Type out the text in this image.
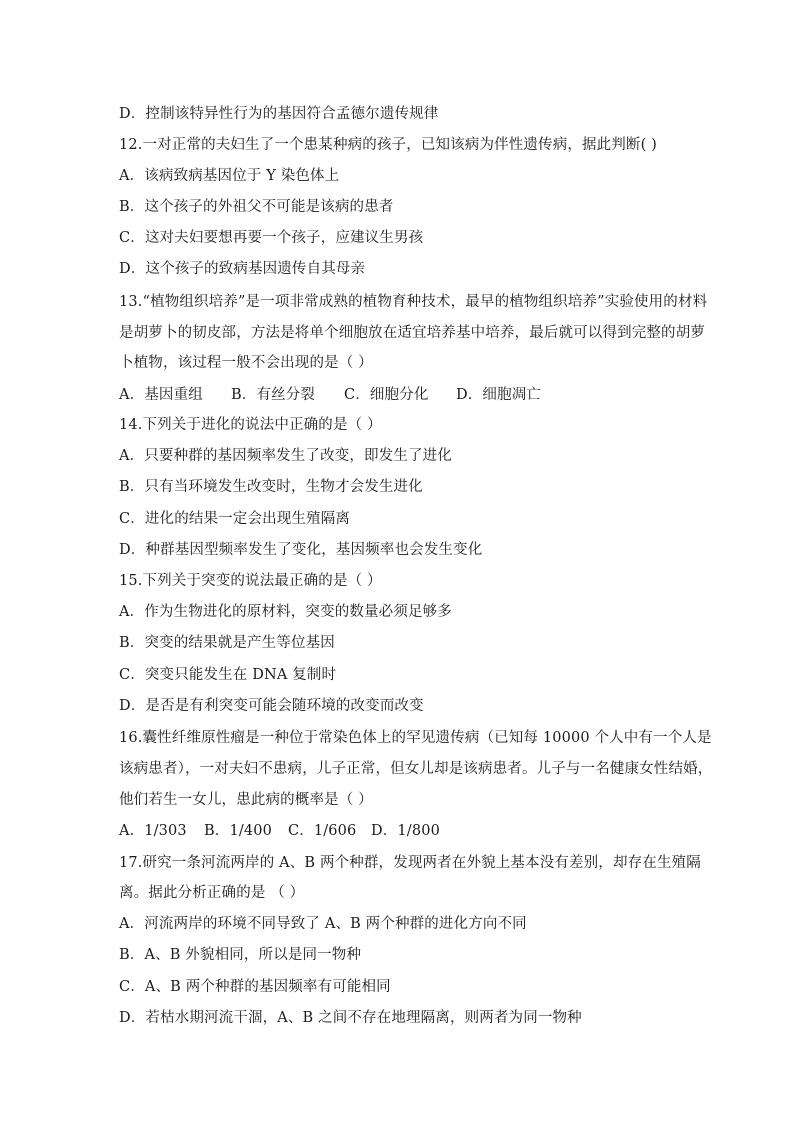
D．控制该特异性行为的基因符合孟德尔遗传规律
12.一对正常的夫妇生了一个患某种病的孩子，已知该病为伴性遗传病，据此判断( )
A．该病致病基因位于 Y 染色体上
B．这个孩子的外祖父不可能是该病的患者
C．这对夫妇要想再要一个孩子，应建议生男孩
D．这个孩子的致病基因遗传自其母亲
13.“植物组织培养”是一项非常成熟的植物育种技术，最早的植物组织培养”实验使用的材料
是胡萝卜的韧皮部，方法是将单个细胞放在适宜培养基中培养，最后就可以得到完整的胡萝
卜植物，该过程一般不会出现的是（ ）
A．基因重组 B．有丝分裂 C．细胞分化 D．细胞凋亡
14.下列关于进化的说法中正确的是（ ）
A．只要种群的基因频率发生了改变，即发生了进化
B．只有当环境发生改变时，生物才会发生进化
C．进化的结果一定会出现生殖隔离
D．种群基因型频率发生了变化，基因频率也会发生变化
15.下列关于突变的说法最正确的是（ ）
A．作为生物进化的原材料，突变的数量必须足够多
B．突变的结果就是产生等位基因
C．突变只能发生在 DNA 复制时
D．是否是有利突变可能会随环境的改变而改变
16.囊性纤维原性瘤是一种位于常染色体上的罕见遗传病（已知每 10000 个人中有一个人是
该病患者），一对夫妇不患病，儿子正常，但女儿却是该病患者。儿子与一名健康女性结婚，
他们若生一女儿，患此病的概率是（ ）
A．1/303 B．1/400 C．1/606 D．1/800
17.研究一条河流两岸的 A、B 两个种群，发现两者在外貌上基本没有差别，却存在生殖隔
离。据此分析正确的是 （ ）
A．河流两岸的环境不同导致了 A、B 两个种群的进化方向不同
B．A、B 外貌相同，所以是同一物种
C．A、B 两个种群的基因频率有可能相同
D．若枯水期河流干涸，A、B 之间不存在地理隔离，则两者为同一物种
